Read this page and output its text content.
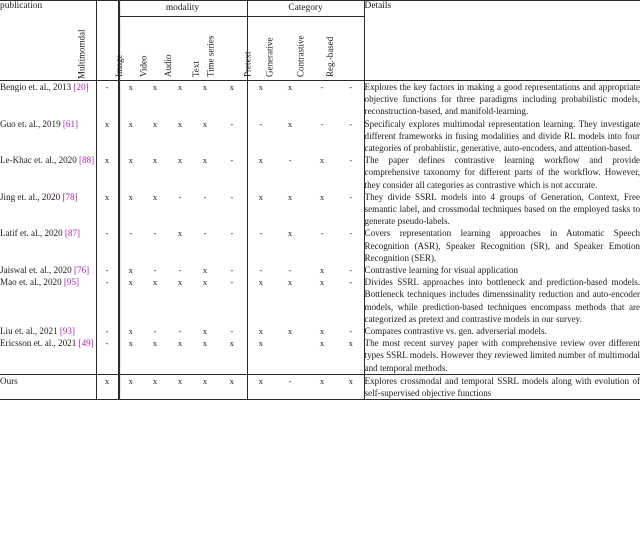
publication	Multimomdal	modality					Category				Details

		Image	Video	Audio	Text	Time series	Pretext	Generative	Contrastive	Reg.-based	

Bengio et. al., 2013 [20]	-	x	x	x	x	x	x	x	-	-	Explores the key factors in making a good representations and appropriate objective functions for three paradigms including probabilistic models, reconstruction-based, and manifold-learning.
Guo et. al., 2019 [61]	x	x	x	x	x	-	-	x	-	-	Specificaly explores multimodal representation learning. They investigate different frameworks in fusing modalities and divide RL models into four categories of probablistic, generative, auto-encoders, and attention-based.
Le-Khac et. al., 2020 [88]	x	x	x	x	x	-	x	-	x	-	The paper defines contrastive learning workflow and provide comprehensive taxonomy for different parts of the workflow. However, they consider all categories as contrastive which is not accurate.
Jing et. al., 2020 [78]	x	x	x	-	-	-	x	x	x	-	They divide SSRL models into 4 groups of Generation, Context, Free semantic label, and crossmodal techniques based on the employed tasks to generate pseudo-labels.
Latif et. al., 2020 [87]	-	-	-	x	-	-	-	x	-	-	Covers representation learning approaches in Automatic Speech Recognition (ASR), Speaker Recognition (SR), and Speaker Emotion Recognition (SER).
Jaiswal et. al., 2020 [76]	-	x	-	-	x	-	-	-	x	-	Contrastive learning for visual application
Mao et. al., 2020 [95]	-	x	x	x	x	-	x	x	x	-	Divides SSRL approaches into bottleneck and prediction-based models. Bottleneck techniques includes dimenssinality reduction and auto-encoder models, while prediction-based techniques encompass methods that are categorized as pretext and contrastive models in our survey.
Liu et. al., 2021 [93]	-	x	-	-	x	-	x	x	x	-	Compares contrastive vs. gen. adverserial models.
Ericsson et. al., 2021 [49]	-	x	x	x	x	x	x		x	x	The most recent survey paper with comprehensive review over different types SSRL models. However they reviewed limited number of multimodal and temporal methods.
Ours	x	x	x	x	x	x	x	-	x	x	Explores crossmodal and temporal SSRL models along with evolution of self-supervised objective functions
